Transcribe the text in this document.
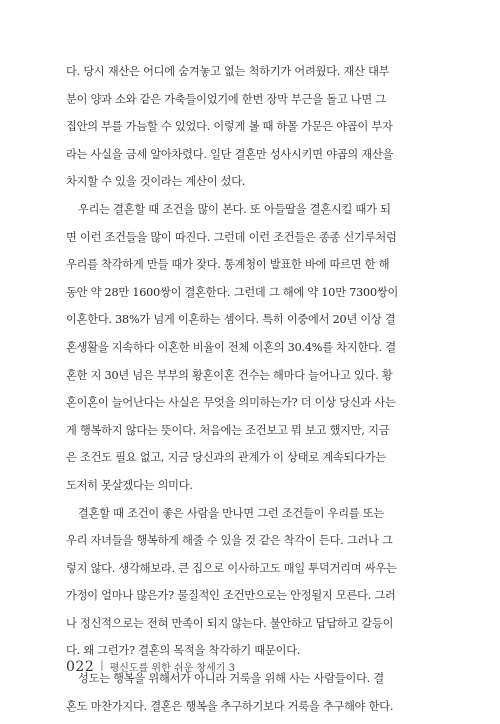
다. 당시 재산은 어디에 숨겨놓고 없는 척하기가 어려웠다. 재산 대부
분이 양과 소와 같은 가축들이었기에 한번 장막 부근을 돌고 나면 그
집안의 부를 가늠할 수 있었다. 이렇게 볼 때 하몰 가문은 야곱이 부자
라는 사실을 금세 알아차렸다. 일단 결혼만 성사시키면 야곱의 재산을
차지할 수 있을 것이라는 계산이 섰다.

우리는 결혼할 때 조건을 많이 본다. 또 아들딸을 결혼시킬 때가 되
면 이런 조건들을 많이 따진다. 그런데 이런 조건들은 종종 신기루처럼
우리를 착각하게 만들 때가 잦다. 통계청이 발표한 바에 따르면 한 해
동안 약 28만 1600쌍이 결혼한다. 그런데 그 해에 약 10만 7300쌍이
이혼한다. 38%가 넘게 이혼하는 셈이다. 특히 이중에서 20년 이상 결
혼생활을 지속하다 이혼한 비율이 전체 이혼의 30.4%를 차지한다. 결
혼한 지 30년 넘은 부부의 황혼이혼 건수는 해마다 늘어나고 있다. 황
혼이혼이 늘어난다는 사실은 무엇을 의미하는가? 더 이상 당신과 사는
게 행복하지 않다는 뜻이다. 처음에는 조건보고 뭐 보고 했지만, 지금
은 조건도 필요 없고, 지금 당신과의 관계가 이 상태로 계속되다가는
도저히 못살겠다는 의미다.

결혼할 때 조건이 좋은 사람을 만나면 그런 조건들이 우리를 또는
우리 자녀들을 행복하게 해줄 수 있을 것 같은 착각이 든다. 그러나 그
렇지 않다. 생각해보라. 큰 집으로 이사하고도 매일 투덕거리며 싸우는
가정이 얼마나 많은가? 물질적인 조건만으로는 안정될지 모른다. 그러
나 정신적으로는 전혀 만족이 되지 않는다. 불안하고 답답하고 갈등이
다. 왜 그런가? 결혼의 목적을 착각하기 때문이다.

성도는 행복을 위해서가 아니라 거룩을 위해 사는 사람들이다. 결
혼도 마찬가지다. 결혼은 행복을 추구하기보다 거룩을 추구해야 한다.

022 | 평신도를 위한 쉬운 창세기 3
